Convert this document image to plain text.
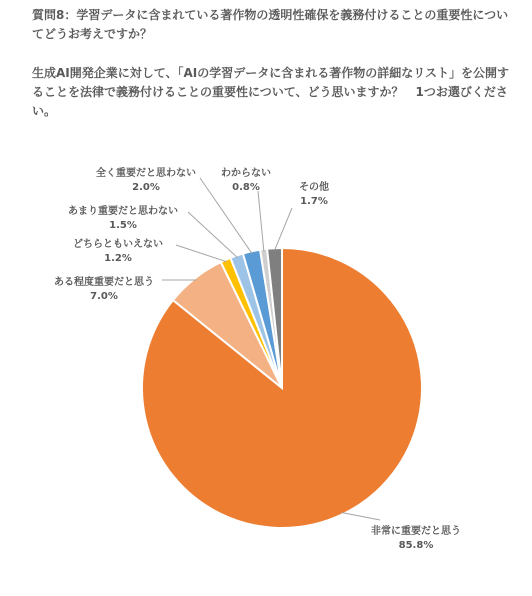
質問8：学習データに含まれている著作物の透明性確保を義務付けることの重要性についてどうお考えですか？

生成AI開発企業に対して、「AIの学習データに含まれる著作物の詳細なリスト」を公開することを法律で義務付けることの重要性について、どう思いますか？　1つお選びください。

非常に重要だと思う
85.8%
ある程度重要だと思う
7.0%
どちらともいえない
1.2%
あまり重要だと思わない
1.5%
全く重要だと思わない
2.0%
わからない
0.8%	その他
1.7%
